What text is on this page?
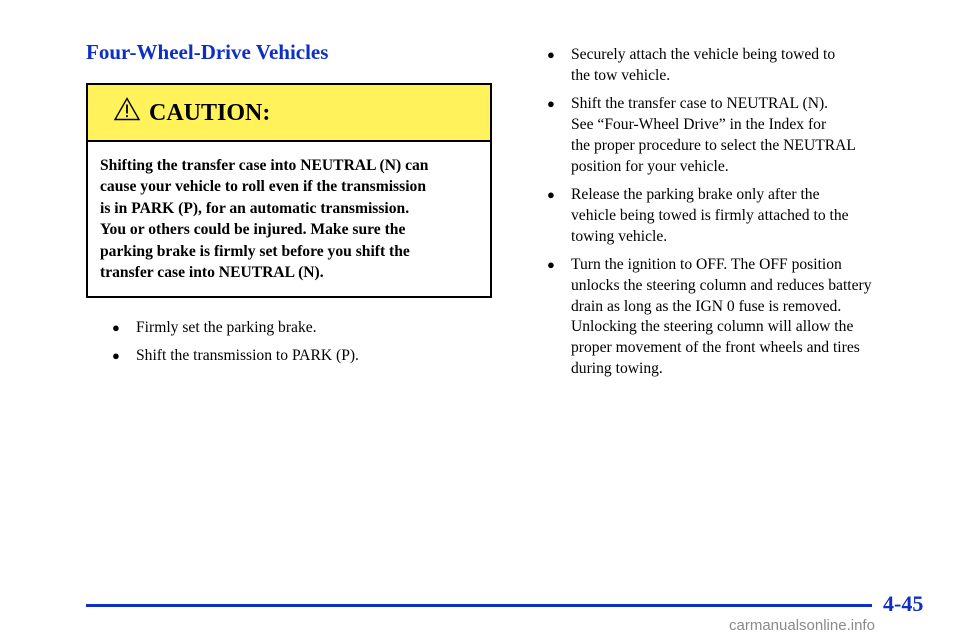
Four-Wheel-Drive Vehicles
CAUTION:
Shifting the transfer case into NEUTRAL (N) can
cause your vehicle to roll even if the transmission
is in PARK (P), for an automatic transmission.
You or others could be injured. Make sure the
parking brake is firmly set before you shift the
transfer case into NEUTRAL (N).
● Firmly set the parking brake.
● Shift the transmission to PARK (P).
● Securely attach the vehicle being towed to
the tow vehicle.
● Shift the transfer case to NEUTRAL (N).
See “Four-Wheel Drive” in the Index for
the proper procedure to select the NEUTRAL
position for your vehicle.
● Release the parking brake only after the
vehicle being towed is firmly attached to the
towing vehicle.
● Turn the ignition to OFF. The OFF position
unlocks the steering column and reduces battery
drain as long as the IGN 0 fuse is removed.
Unlocking the steering column will allow the
proper movement of the front wheels and tires
during towing.
4-45
carmanualsonline.info
